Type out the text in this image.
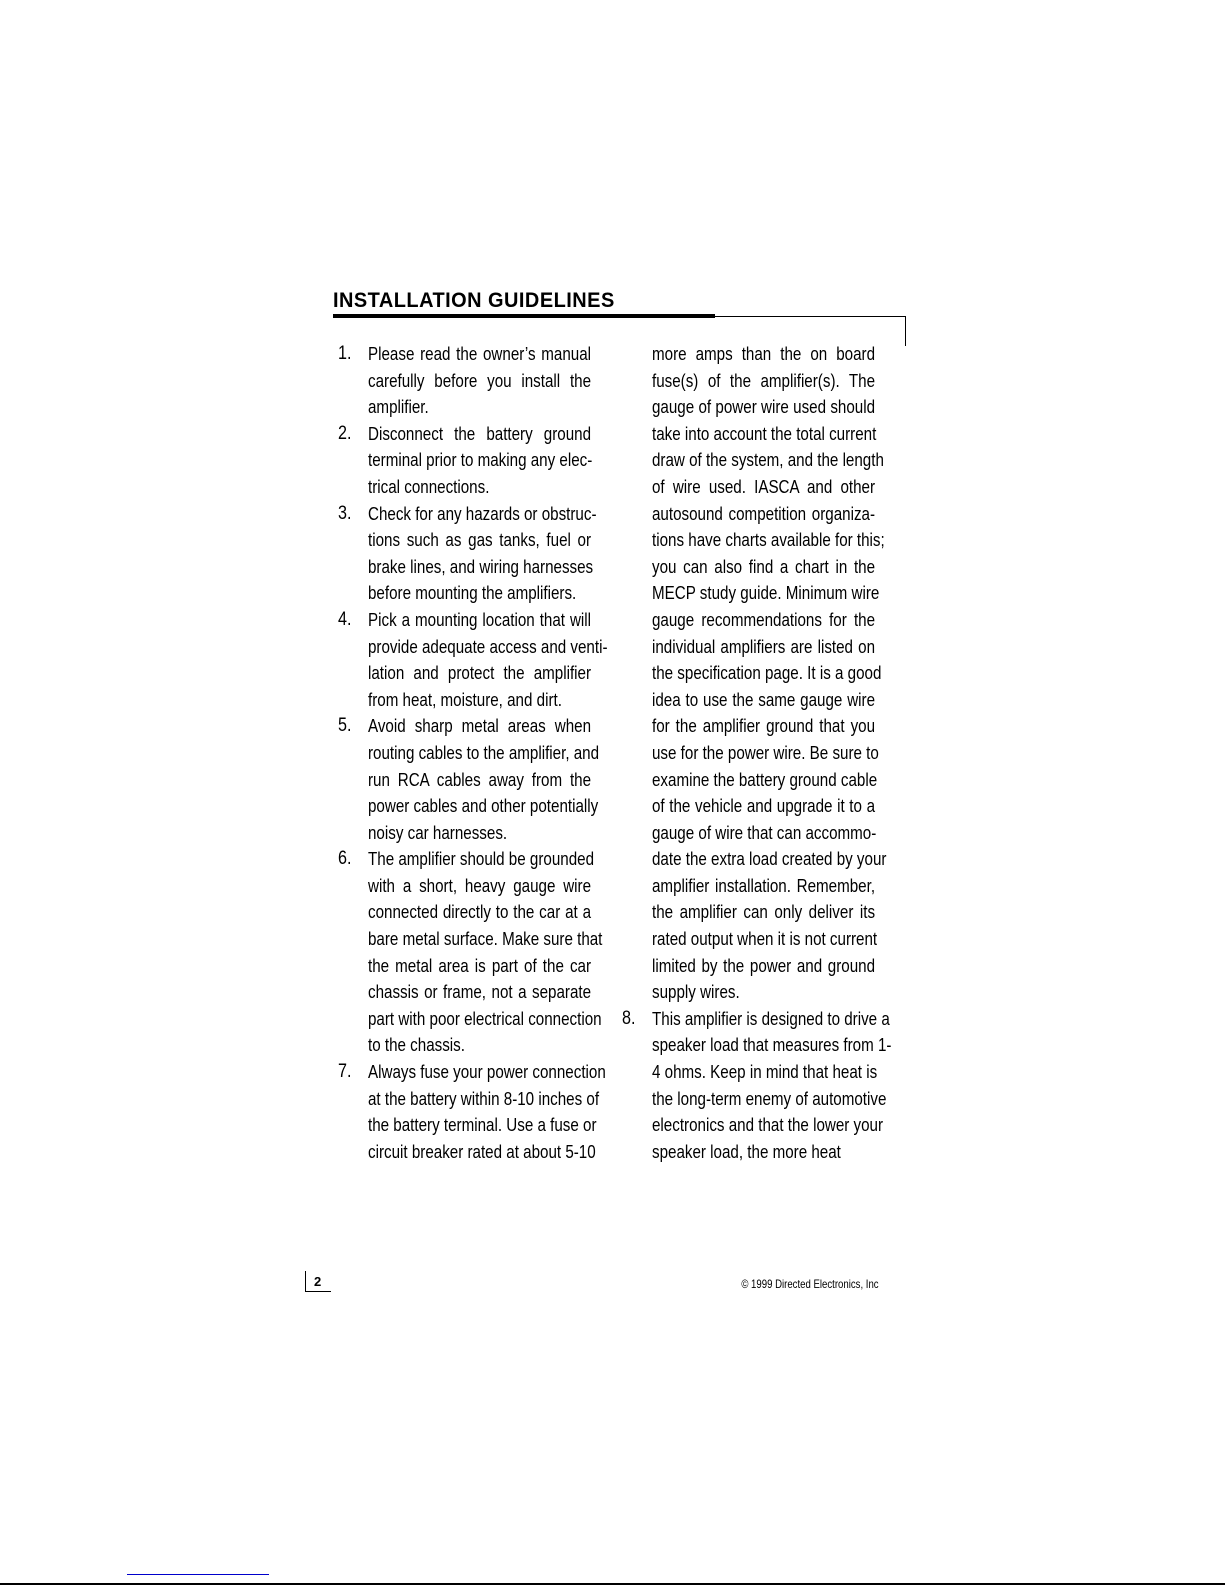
INSTALLATION GUIDELINES
1. Please read the owner’s manual
carefully before you install the
amplifier.
2. Disconnect the battery ground
terminal prior to making any elec-
trical connections.
3. Check for any hazards or obstruc-
tions such as gas tanks, fuel or
brake lines, and wiring harnesses
before mounting the amplifiers.
4. Pick a mounting location that will
provide adequate access and venti-
lation and protect the amplifier
from heat, moisture, and dirt.
5. Avoid sharp metal areas when
routing cables to the amplifier, and
run RCA cables away from the
power cables and other potentially
noisy car harnesses.
6. The amplifier should be grounded
with a short, heavy gauge wire
connected directly to the car at a
bare metal surface. Make sure that
the metal area is part of the car
chassis or frame, not a separate
part with poor electrical connection
to the chassis.
7. Always fuse your power connection
at the battery within 8-10 inches of
the battery terminal. Use a fuse or
circuit breaker rated at about 5-10
more amps than the on board
fuse(s) of the amplifier(s). The
gauge of power wire used should
take into account the total current
draw of the system, and the length
of wire used. IASCA and other
autosound competition organiza-
tions have charts available for this;
you can also find a chart in the
MECP study guide. Minimum wire
gauge recommendations for the
individual amplifiers are listed on
the specification page. It is a good
idea to use the same gauge wire
for the amplifier ground that you
use for the power wire. Be sure to
examine the battery ground cable
of the vehicle and upgrade it to a
gauge of wire that can accommo-
date the extra load created by your
amplifier installation. Remember,
the amplifier can only deliver its
rated output when it is not current
limited by the power and ground
supply wires.
8. This amplifier is designed to drive a
speaker load that measures from 1-
4 ohms. Keep in mind that heat is
the long-term enemy of automotive
electronics and that the lower your
speaker load, the more heat
2	© 1999 Directed Electronics, Inc
